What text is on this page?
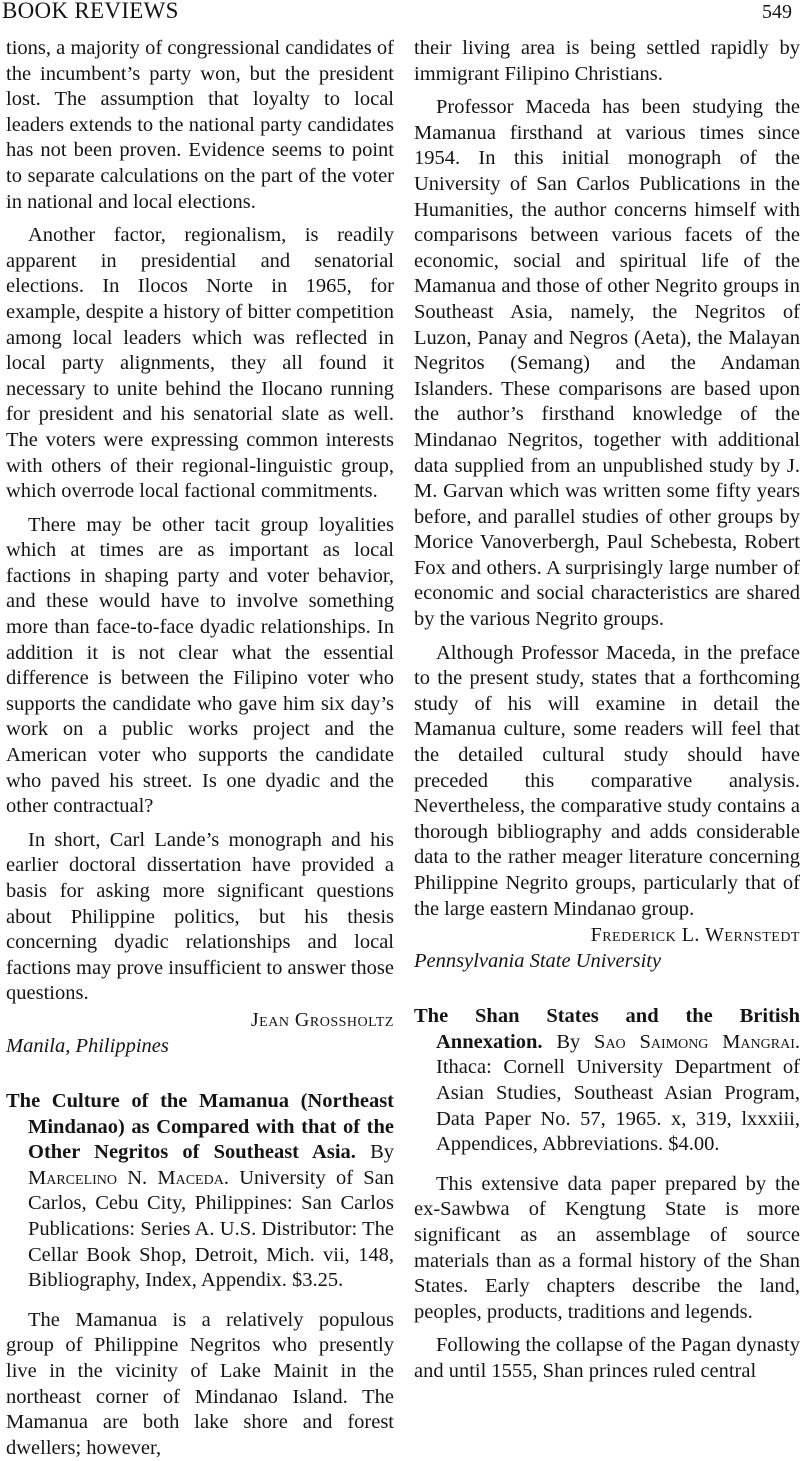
BOOK REVIEWS	549

tions, a majority of congressional candidates of the incumbent’s party won, but the president lost. The assumption that loyalty to local leaders extends to the national party candidates has not been proven. Evidence seems to point to separate calculations on the part of the voter in national and local elections.

Another factor, regionalism, is readily apparent in presidential and senatorial elections. In Ilocos Norte in 1965, for example, despite a history of bitter competition among local leaders which was reflected in local party alignments, they all found it necessary to unite behind the Ilocano running for president and his senatorial slate as well. The voters were expressing common interests with others of their regional-linguistic group, which overrode local factional commitments.

There may be other tacit group loyalities which at times are as important as local factions in shaping party and voter behavior, and these would have to involve something more than face-to-face dyadic relationships. In addition it is not clear what the essential difference is between the Filipino voter who supports the candidate who gave him six day’s work on a public works project and the American voter who supports the candidate who paved his street. Is one dyadic and the other contractual?

In short, Carl Lande’s monograph and his earlier doctoral dissertation have provided a basis for asking more significant questions about Philippine politics, but his thesis concerning dyadic relationships and local factions may prove insufficient to answer those questions.

Jean Grossholtz

Manila, Philippines

The Culture of the Mamanua (Northeast Mindanao) as Compared with that of the Other Negritos of Southeast Asia. By Marcelino N. Maceda. University of San Carlos, Cebu City, Philippines: San Carlos Publications: Series A. U.S. Distributor: The Cellar Book Shop, Detroit, Mich. vii, 148, Bibliography, Index, Appendix. $3.25.

The Mamanua is a relatively populous group of Philippine Negritos who presently live in the vicinity of Lake Mainit in the northeast corner of Mindanao Island. The Mamanua are both lake shore and forest dwellers; however,

their living area is being settled rapidly by immigrant Filipino Christians.

Professor Maceda has been studying the Mamanua firsthand at various times since 1954. In this initial monograph of the University of San Carlos Publications in the Humanities, the author concerns himself with comparisons between various facets of the economic, social and spiritual life of the Mamanua and those of other Negrito groups in Southeast Asia, namely, the Negritos of Luzon, Panay and Negros (Aeta), the Malayan Negritos (Semang) and the Andaman Islanders. These comparisons are based upon the author’s firsthand knowledge of the Mindanao Negritos, together with additional data supplied from an unpublished study by J. M. Garvan which was written some fifty years before, and parallel studies of other groups by Morice Vanoverbergh, Paul Schebesta, Robert Fox and others. A surprisingly large number of economic and social characteristics are shared by the various Negrito groups.

Although Professor Maceda, in the preface to the present study, states that a forthcoming study of his will examine in detail the Mamanua culture, some readers will feel that the detailed cultural study should have preceded this comparative analysis. Nevertheless, the comparative study contains a thorough bibliography and adds considerable data to the rather meager literature concerning Philippine Negrito groups, particularly that of the large eastern Mindanao group.

Frederick L. Wernstedt

Pennsylvania State University

The Shan States and the British Annexation. By Sao Saimong Mangrai. Ithaca: Cornell University Department of Asian Studies, Southeast Asian Program, Data Paper No. 57, 1965. x, 319, lxxxiii, Appendices, Abbreviations. $4.00.

This extensive data paper prepared by the ex-Sawbwa of Kengtung State is more significant as an assemblage of source materials than as a formal history of the Shan States. Early chapters describe the land, peoples, products, traditions and legends.

Following the collapse of the Pagan dynasty and until 1555, Shan princes ruled central
